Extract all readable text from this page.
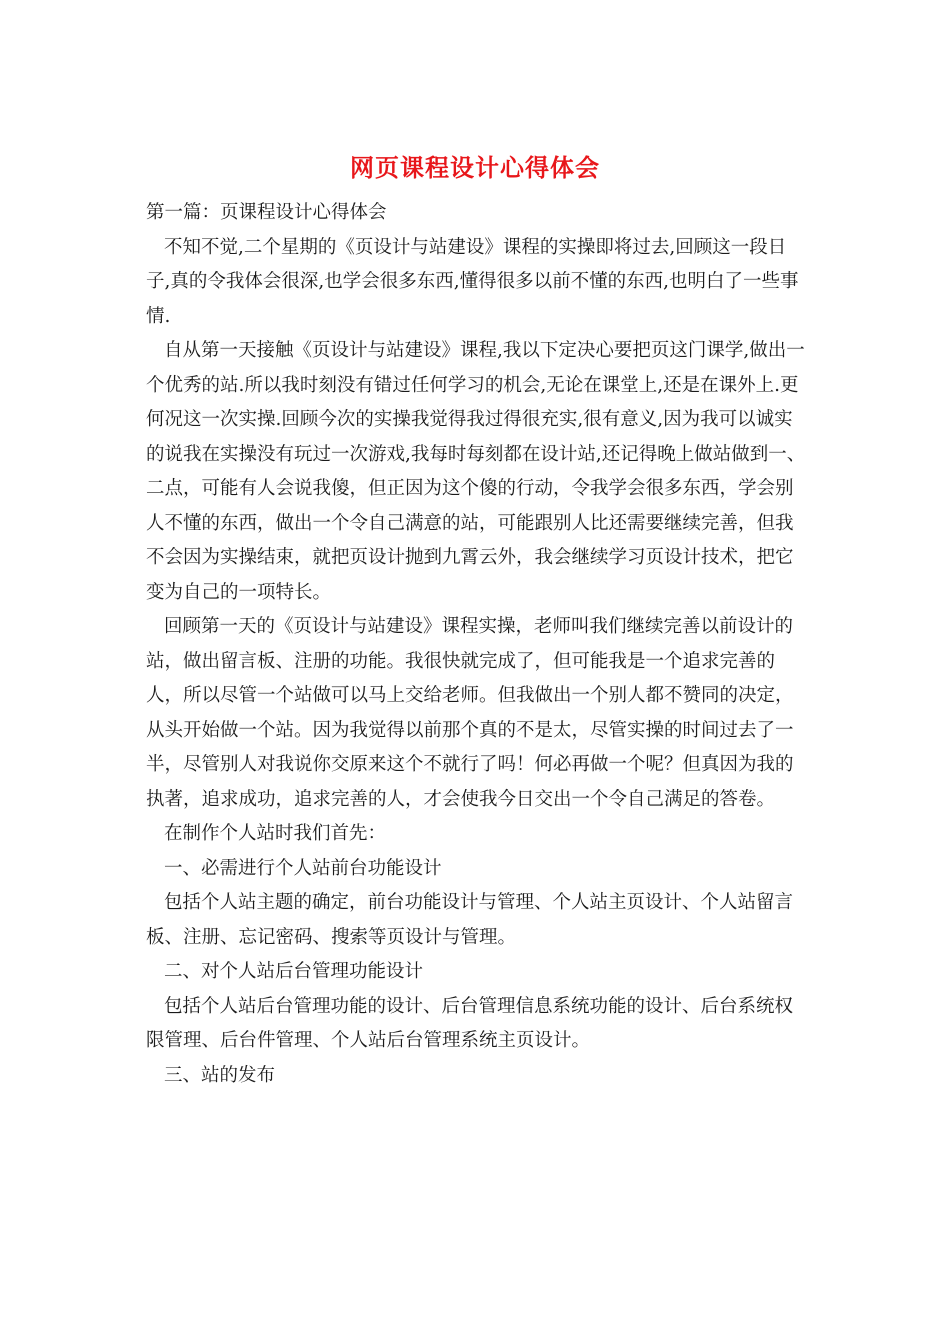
网页课程设计心得体会

第一篇：页课程设计心得体会

不知不觉,二个星期的《页设计与站建设》课程的实操即将过去,回顾这一段日子,真的令我体会很深,也学会很多东西,懂得很多以前不懂的东西,也明白了一些事情.

自从第一天接触《页设计与站建设》课程,我以下定决心要把页这门课学,做出一个优秀的站.所以我时刻没有错过任何学习的机会,无论在课堂上,还是在课外上.更何况这一次实操.回顾今次的实操我觉得我过得很充实,很有意义,因为我可以诚实的说我在实操没有玩过一次游戏,我每时每刻都在设计站,还记得晚上做站做到一、二点，可能有人会说我傻，但正因为这个傻的行动，令我学会很多东西，学会别人不懂的东西，做出一个令自己满意的站，可能跟别人比还需要继续完善，但我不会因为实操结束，就把页设计抛到九霄云外，我会继续学习页设计技术，把它变为自己的一项特长。

回顾第一天的《页设计与站建设》课程实操，老师叫我们继续完善以前设计的站，做出留言板、注册的功能。我很快就完成了，但可能我是一个追求完善的人，所以尽管一个站做可以马上交给老师。但我做出一个别人都不赞同的决定，从头开始做一个站。因为我觉得以前那个真的不是太，尽管实操的时间过去了一半，尽管别人对我说你交原来这个不就行了吗！何必再做一个呢？但真因为我的执著，追求成功，追求完善的人，才会使我今日交出一个令自己满足的答卷。

在制作个人站时我们首先：

一、必需进行个人站前台功能设计

包括个人站主题的确定，前台功能设计与管理、个人站主页设计、个人站留言板、注册、忘记密码、搜索等页设计与管理。

二、对个人站后台管理功能设计

包括个人站后台管理功能的设计、后台管理信息系统功能的设计、后台系统权限管理、后台件管理、个人站后台管理系统主页设计。

三、站的发布
